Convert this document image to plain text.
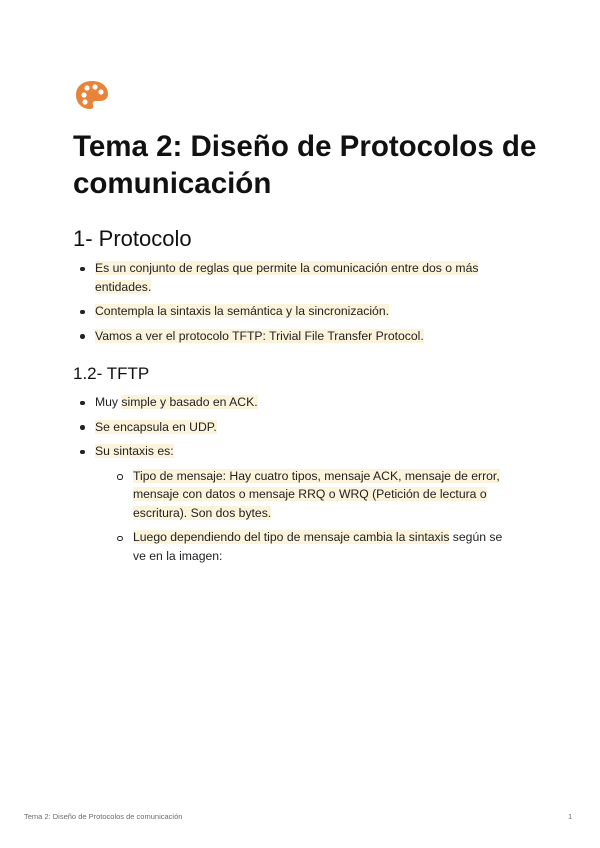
Tema 2: Diseño de Protocolos de comunicación
1- Protocolo
Es un conjunto de reglas que permite la comunicación entre dos o más entidades.
Contempla la sintaxis la semántica y la sincronización.
Vamos a ver el protocolo TFTP: Trivial File Transfer Protocol.
1.2- TFTP
Muy simple y basado en ACK.
Se encapsula en UDP.
Su sintaxis es:
Tipo de mensaje: Hay cuatro tipos, mensaje ACK, mensaje de error, mensaje con datos o mensaje RRQ o WRQ (Petición de lectura o escritura). Son dos bytes.
Luego dependiendo del tipo de mensaje cambia la sintaxis según se ve en la imagen:
Tema 2: Diseño de Protocolos de comunicación	1
